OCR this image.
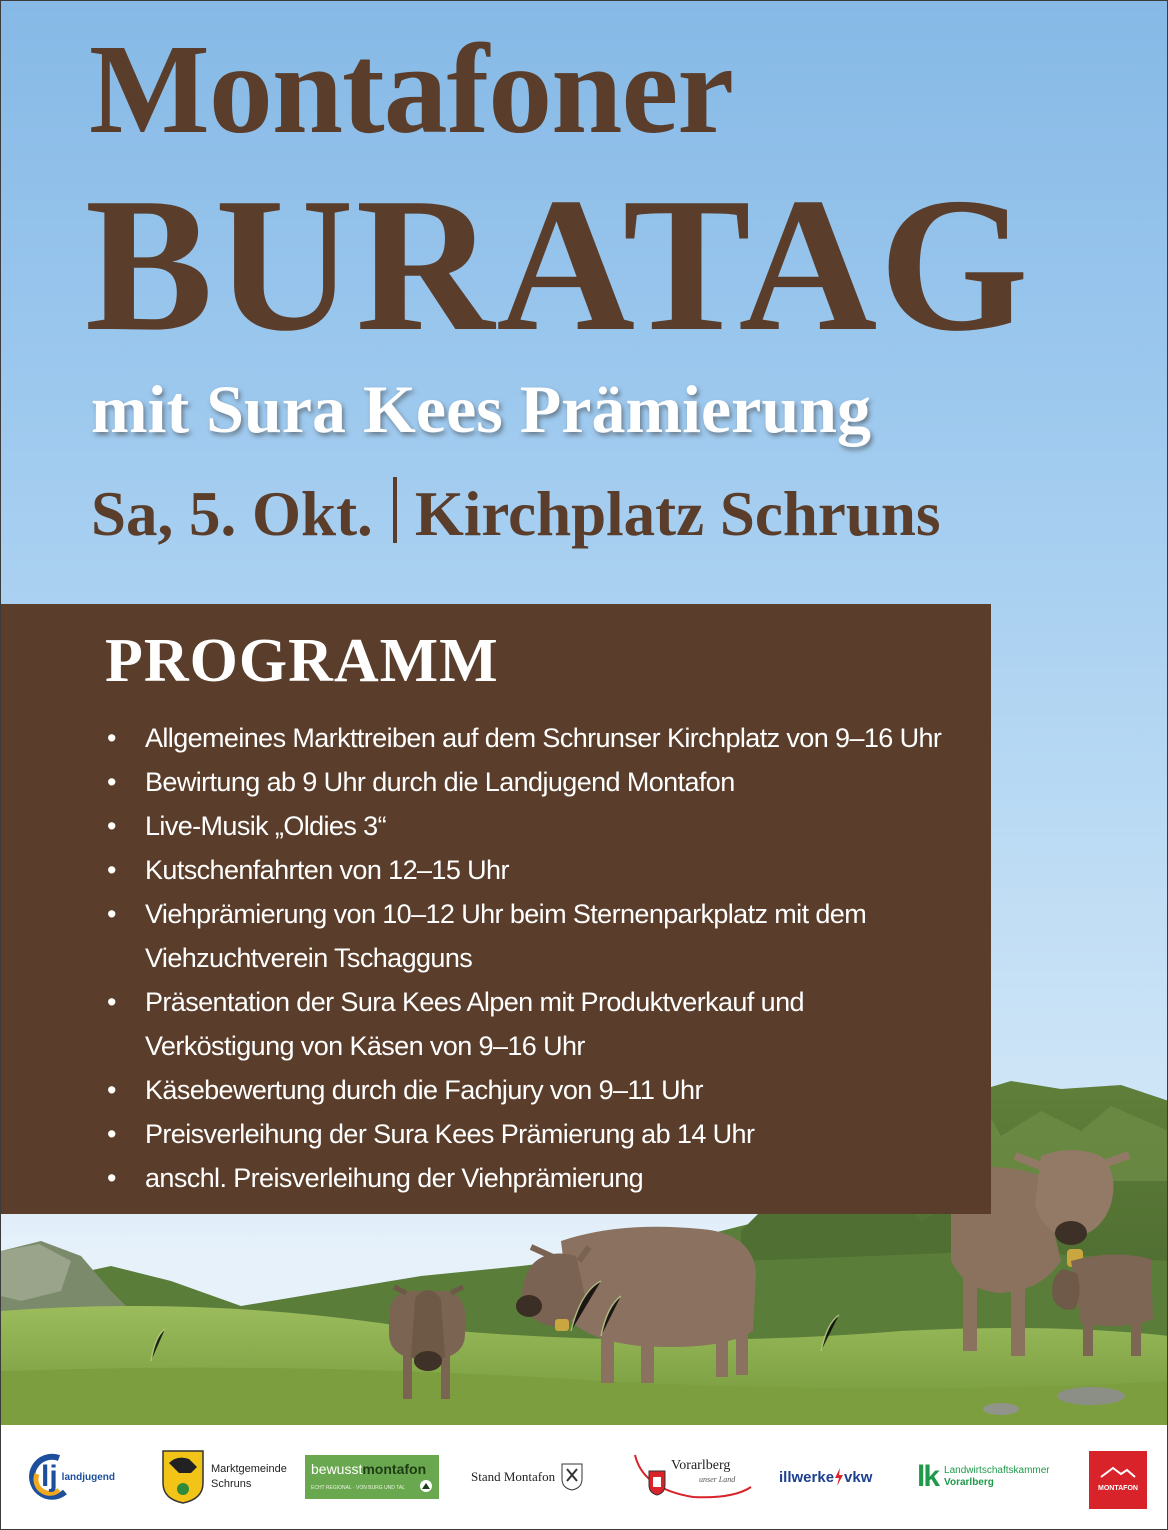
Montafoner
BURATAG
mit Sura Kees Prämierung
Sa, 5. Okt. Kirchplatz Schruns
PROGRAMM
• Allgemeines Markttreiben auf dem Schrunser Kirchplatz von 9–16 Uhr
• Bewirtung ab 9 Uhr durch die Landjugend Montafon
• Live-Musik „Oldies 3“
• Kutschenfahrten von 12–15 Uhr
• Viehprämierung von 10–12 Uhr beim Sternenparkplatz mit dem
Viehzuchtverein Tschagguns
• Präsentation der Sura Kees Alpen mit Produktverkauf und
Verköstigung von Käsen von 9–16 Uhr
• Käsebewertung durch die Fachjury von 9–11 Uhr
• Preisverleihung der Sura Kees Prämierung ab 14 Uhr
• anschl. Preisverleihung der Viehprämierung
lj landjugend
Marktgemeinde
Schruns
bewusstmontafon
ECHT REGIONAL · VON BURG UND TAL
Stand Montafon
Vorarlberg
unser Land	illwerke vkw lk Landwirtschaftskammer
Vorarlberg
MONTAFON
